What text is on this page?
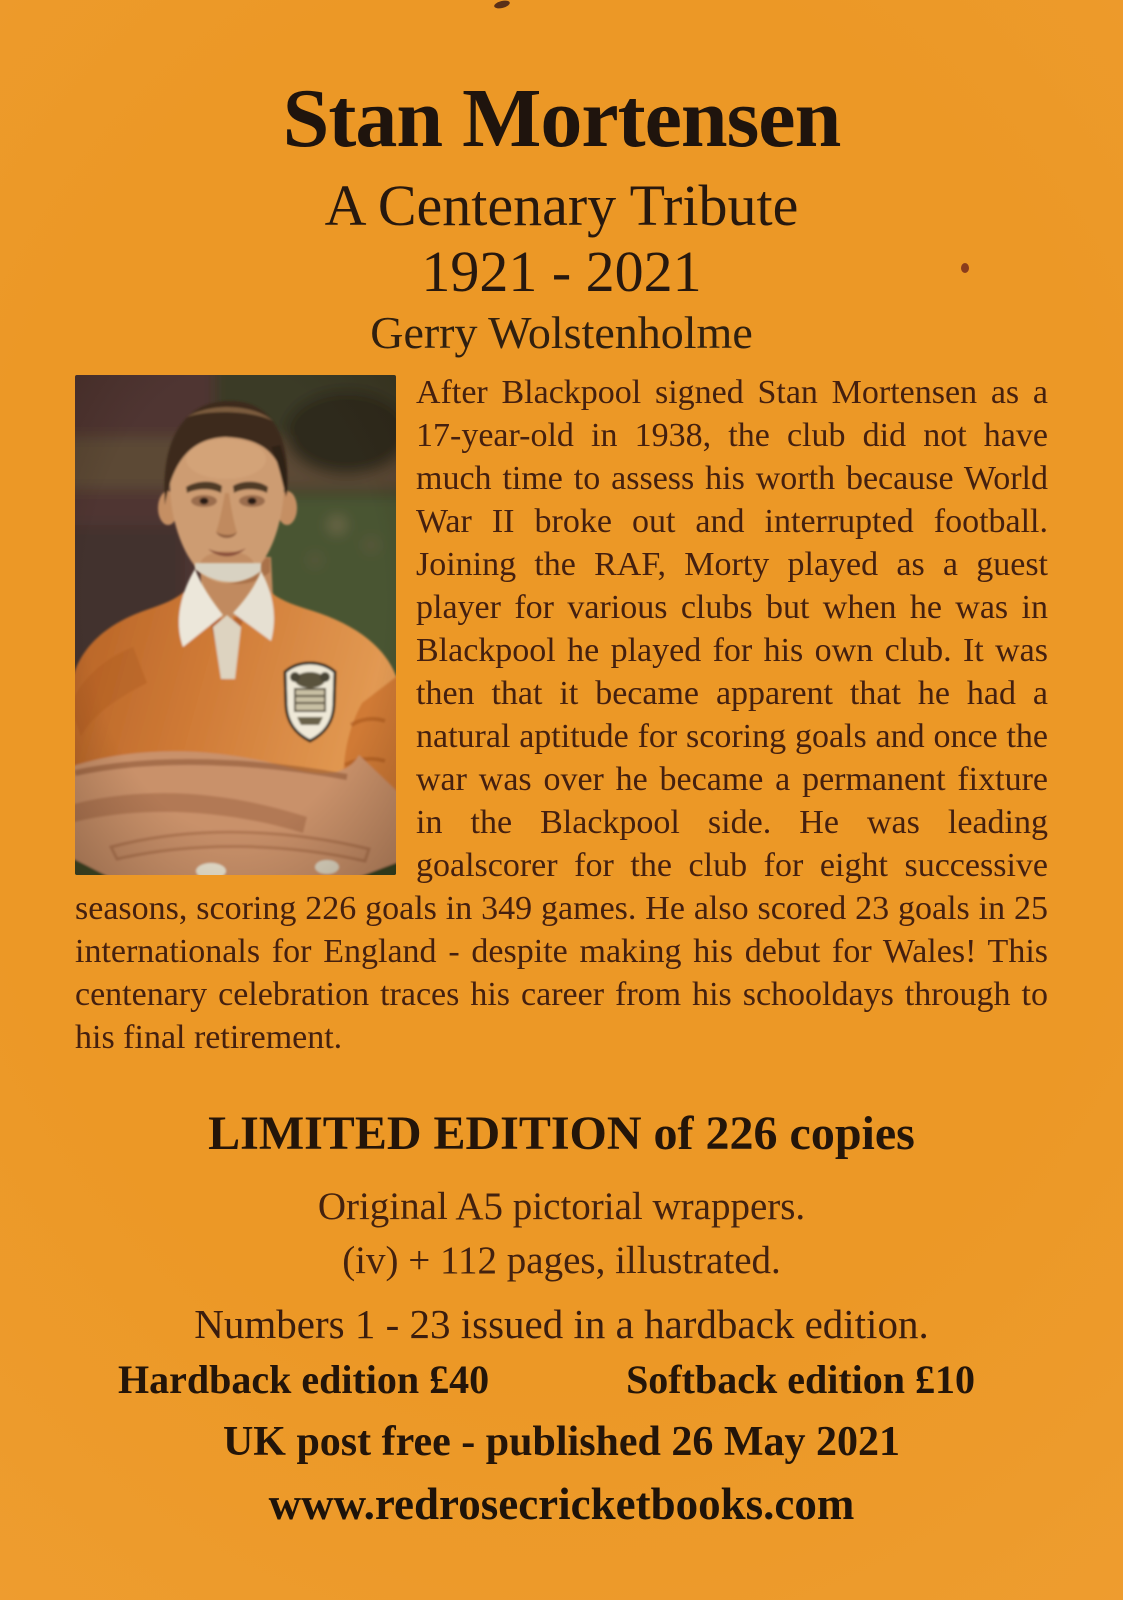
Stan Mortensen
A Centenary Tribute
1921 - 2021
Gerry Wolstenholme
After Blackpool signed Stan Mortensen as a 17-year-old in 1938, the club did not have much time to assess his worth because World War II broke out and interrupted football. Joining the RAF, Morty played as a guest player for various clubs but when he was in Blackpool he played for his own club. It was then that it became apparent that he had a natural aptitude for scoring goals and once the war was over he became a permanent fixture in the Blackpool side. He was leading goalscorer for the club for eight successive seasons, scoring 226 goals in 349 games. He also scored 23 goals in 25 internationals for England - despite making his debut for Wales! This centenary celebration traces his career from his schooldays through to his final retirement.
LIMITED EDITION of 226 copies
Original A5 pictorial wrappers.
(iv) + 112 pages, illustrated.
Numbers 1 - 23 issued in a hardback edition.
Hardback edition £40	Softback edition £10
UK post free - published 26 May 2021
www.redrosecricketbooks.com
